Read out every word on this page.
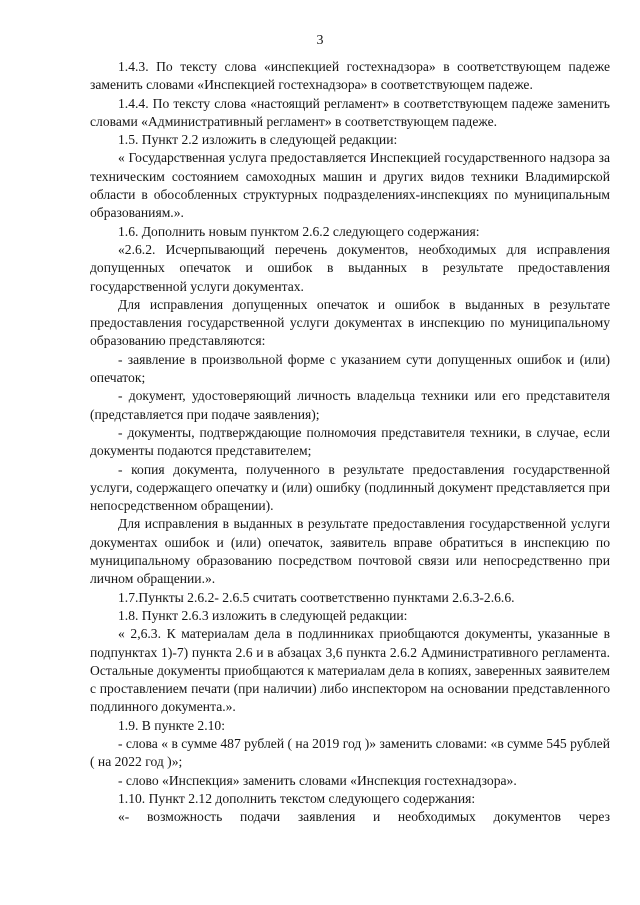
3

1.4.3. По тексту слова «инспекцией гостехнадзора» в соответствующем падеже заменить словами «Инспекцией гостехнадзора» в соответствующем падеже.

1.4.4. По тексту слова «настоящий регламент» в соответствующем падеже заменить словами «Административный регламент» в соответствующем падеже.

1.5. Пункт 2.2 изложить в следующей редакции:

« Государственная услуга предоставляется Инспекцией государственного надзора за техническим состоянием самоходных машин и других видов техники Владимирской области в обособленных структурных подразделениях-инспекциях по муниципальным образованиям.».

1.6. Дополнить новым пунктом 2.6.2 следующего содержания:

«2.6.2. Исчерпывающий перечень документов, необходимых для исправления допущенных опечаток и ошибок в выданных в результате предоставления государственной услуги документах.

Для исправления допущенных опечаток и ошибок в выданных в результате предоставления государственной услуги документах в инспекцию по муниципальному образованию представляются:

- заявление в произвольной форме с указанием сути допущенных ошибок и (или) опечаток;

- документ, удостоверяющий личность владельца техники или его представителя (представляется при подаче заявления);

- документы, подтверждающие полномочия представителя техники, в случае, если документы подаются представителем;

- копия документа, полученного в результате предоставления государственной услуги, содержащего опечатку и (или) ошибку (подлинный документ представляется при непосредственном обращении).

Для исправления в выданных в результате предоставления государственной услуги документах ошибок и (или) опечаток, заявитель вправе обратиться в инспекцию по муниципальному образованию посредством почтовой связи или непосредственно при личном обращении.».

1.7.Пункты 2.6.2- 2.6.5 считать соответственно пунктами 2.6.3-2.6.6.

1.8. Пункт 2.6.3 изложить в следующей редакции:

« 2,6.3. К материалам дела в подлинниках приобщаются документы, указанные в подпунктах 1)-7) пункта 2.6 и в абзацах 3,6 пункта 2.6.2 Административного регламента. Остальные документы приобщаются к материалам дела в копиях, заверенных заявителем с проставлением печати (при наличии) либо инспектором на основании представленного подлинного документа.».

1.9. В пункте 2.10:

- слова « в сумме 487 рублей ( на 2019 год )» заменить словами: «в сумме 545 рублей ( на 2022 год )»;

- слово «Инспекция» заменить словами «Инспекция гостехнадзора».

1.10. Пункт 2.12 дополнить текстом следующего содержания:

«- возможность подачи заявления и необходимых документов через
